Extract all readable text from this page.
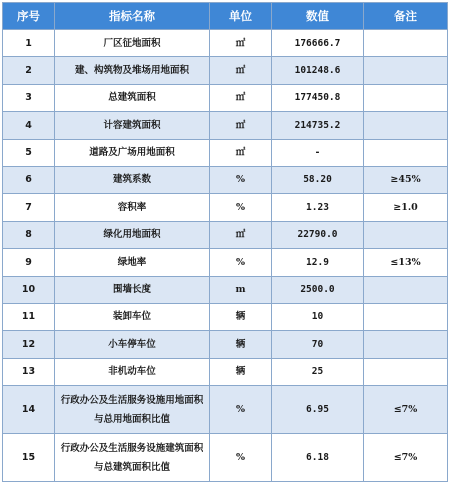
序号	指标名称	单位	数值	备注
1	厂区征地面积	㎡	176666.7	
2	建、构筑物及堆场用地面积	㎡	101248.6	
3	总建筑面积	㎡	177450.8	
4	计容建筑面积	㎡	214735.2	
5	道路及广场用地面积	㎡	-	
6	建筑系数	%	58.20	≥45%
7	容积率	%	1.23	≥1.0
8	绿化用地面积	㎡	22790.0	
9	绿地率	%	12.9	≤13%
10	围墙长度	m	2500.0	
11	装卸车位	辆	10	
12	小车停车位	辆	70	
13	非机动车位	辆	25	
14	行政办公及生活服务设施用地面积与总用地面积比值	%	6.95	≤7%
15	行政办公及生活服务设施建筑面积与总建筑面积比值	%	6.18	≤7%
